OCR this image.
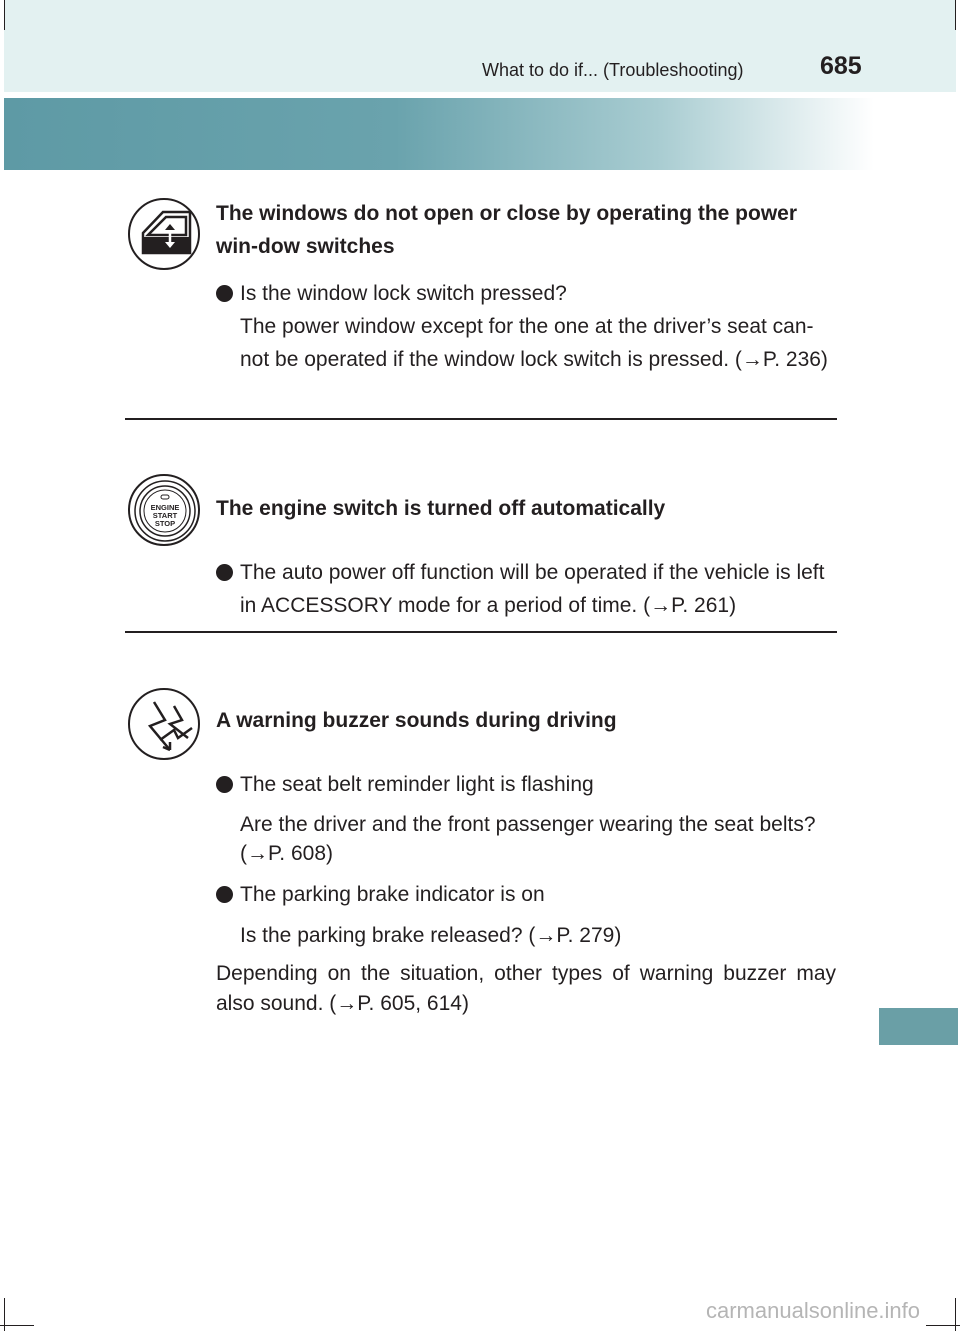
What to do if... (Troubleshooting)	685
The windows do not open or close by operating the power win-dow switches
Is the window lock switch pressed?
The power window except for the one at the driver’s seat can-not be operated if the window lock switch is pressed. (→P. 236)
ENGINE
START
STOP
The engine switch is turned off automatically
The auto power off function will be operated if the vehicle is left in ACCESSORY mode for a period of time. (→P. 261)
A warning buzzer sounds during driving
The seat belt reminder light is flashing
Are the driver and the front passenger wearing the seat belts? (→P. 608)
The parking brake indicator is on
Is the parking brake released? (→P. 279)
Depending on the situation, other types of warning buzzer may also sound. (→P. 605, 614)
carmanualsonline.info
